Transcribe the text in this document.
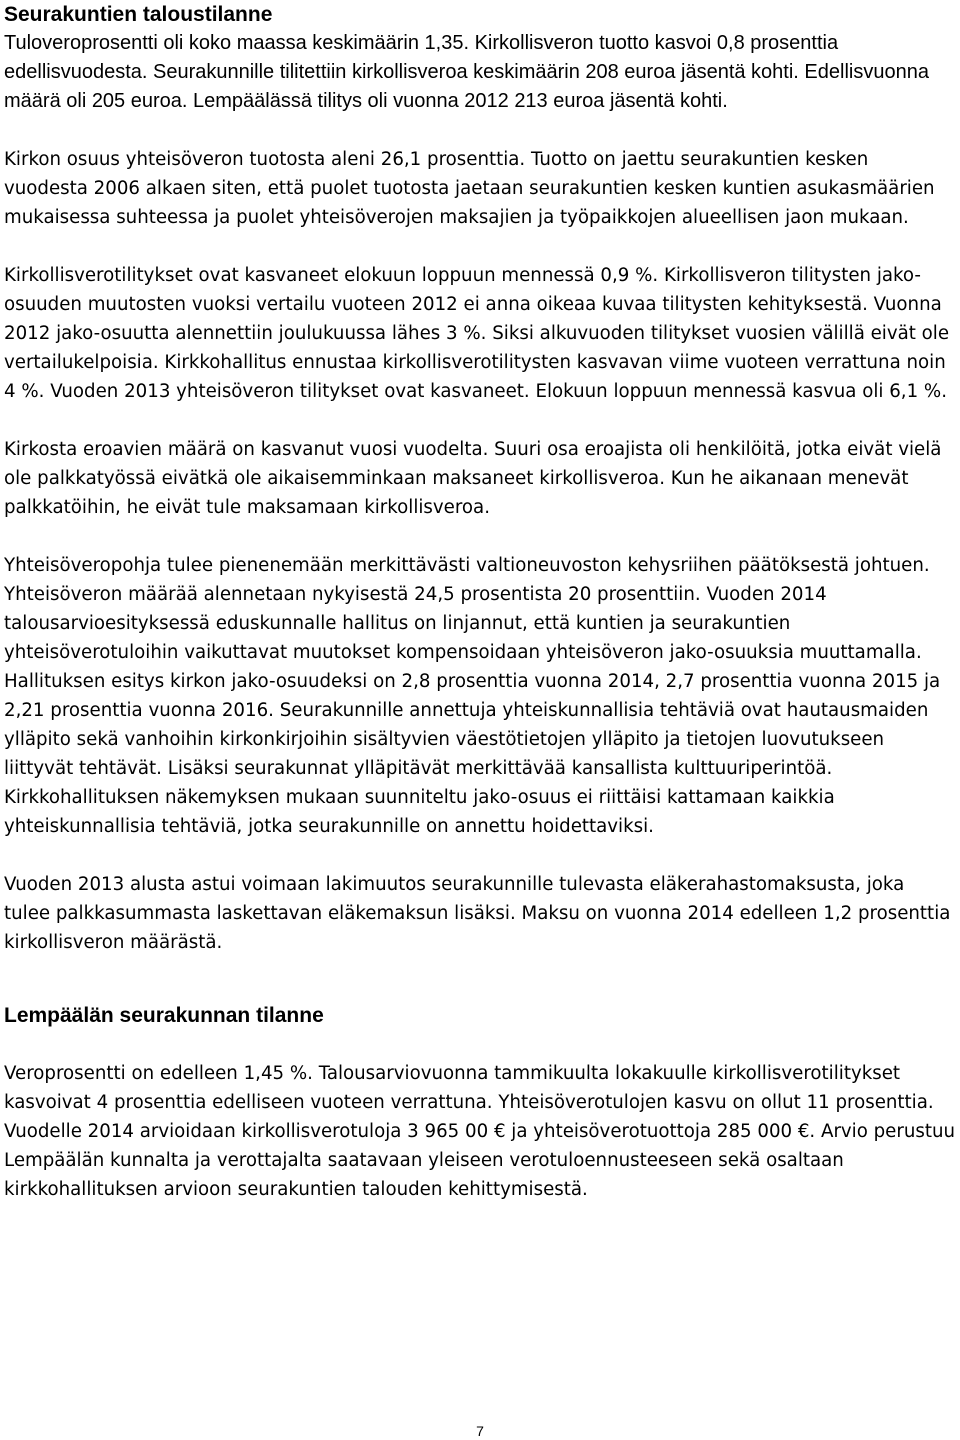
Seurakuntien taloustilanne

Tuloveroprosentti oli koko maassa keskimäärin 1,35. Kirkollisveron tuotto kasvoi 0,8 prosenttia edellisvuodesta. Seurakunnille tilitettiin kirkollisveroa keskimäärin 208 euroa jäsentä kohti. Edellisvuonna määrä oli 205 euroa. Lempäälässä tilitys oli vuonna 2012 213 euroa jäsentä kohti.

Kirkon osuus yhteisöveron tuotosta aleni 26,1 prosenttia. Tuotto on jaettu seurakuntien kesken vuodesta 2006 alkaen siten, että puolet tuotosta jaetaan seurakuntien kesken kuntien asukasmäärien mukaisessa suhteessa ja puolet yhteisöverojen maksajien ja työpaikkojen alueellisen jaon mukaan.

Kirkollisverotilitykset ovat kasvaneet elokuun loppuun mennessä 0,9 %. Kirkollisveron tilitysten jako-osuuden muutosten vuoksi vertailu vuoteen 2012 ei anna oikeaa kuvaa tilitysten kehityksestä. Vuonna 2012 jako-osuutta alennettiin joulukuussa lähes 3 %. Siksi alkuvuoden tilitykset vuosien välillä eivät ole vertailukelpoisia. Kirkkohallitus ennustaa kirkollisverotilitysten kasvavan viime vuoteen verrattuna noin 4 %. Vuoden 2013 yhteisöveron tilitykset ovat kasvaneet. Elokuun loppuun mennessä kasvua oli 6,1 %.

Kirkosta eroavien määrä on kasvanut vuosi vuodelta. Suuri osa eroajista oli henkilöitä, jotka eivät vielä ole palkkatyössä eivätkä ole aikaisemminkaan maksaneet kirkollisveroa. Kun he aikanaan menevät palkkatöihin, he eivät tule maksamaan kirkollisveroa.

Yhteisöveropohja tulee pienenemään merkittävästi valtioneuvoston kehysriihen päätöksestä johtuen. Yhteisöveron määrää alennetaan nykyisestä 24,5 prosentista 20 prosenttiin. Vuoden 2014 talousarvioesityksessä eduskunnalle hallitus on linjannut, että kuntien ja seurakuntien yhteisöverotuloihin vaikuttavat muutokset kompensoidaan yhteisöveron jako-osuuksia muuttamalla. Hallituksen esitys kirkon jako-osuudeksi on 2,8 prosenttia vuonna 2014, 2,7 prosenttia vuonna 2015 ja 2,21 prosenttia vuonna 2016. Seurakunnille annettuja yhteiskunnallisia tehtäviä ovat hautausmaiden ylläpito sekä vanhoihin kirkonkirjoihin sisältyvien väestötietojen ylläpito ja tietojen luovutukseen liittyvät tehtävät. Lisäksi seurakunnat ylläpitävät merkittävää kansallista kulttuuriperintöä. Kirkkohallituksen näkemyksen mukaan suunniteltu jako-osuus ei riittäisi kattamaan kaikkia yhteiskunnallisia tehtäviä, jotka seurakunnille on annettu hoidettaviksi.

Vuoden 2013 alusta astui voimaan lakimuutos seurakunnille tulevasta eläkerahastomaksusta, joka tulee palkkasummasta laskettavan eläkemaksun lisäksi. Maksu on vuonna 2014 edelleen 1,2 prosenttia kirkollisveron määrästä.

Lempäälän seurakunnan tilanne

Veroprosentti on edelleen 1,45 %. Talousarviovuonna tammikuulta lokakuulle kirkollisverotilitykset kasvoivat 4 prosenttia edelliseen vuoteen verrattuna. Yhteisöverotulojen kasvu on ollut 11 prosenttia. Vuodelle 2014 arvioidaan kirkollisverotuloja 3 965 00 € ja yhteisöverotuottoja 285 000 €. Arvio perustuu Lempäälän kunnalta ja verottajalta saatavaan yleiseen verotuloennusteeseen sekä osaltaan kirkkohallituksen arvioon seurakuntien talouden kehittymisestä.

7
